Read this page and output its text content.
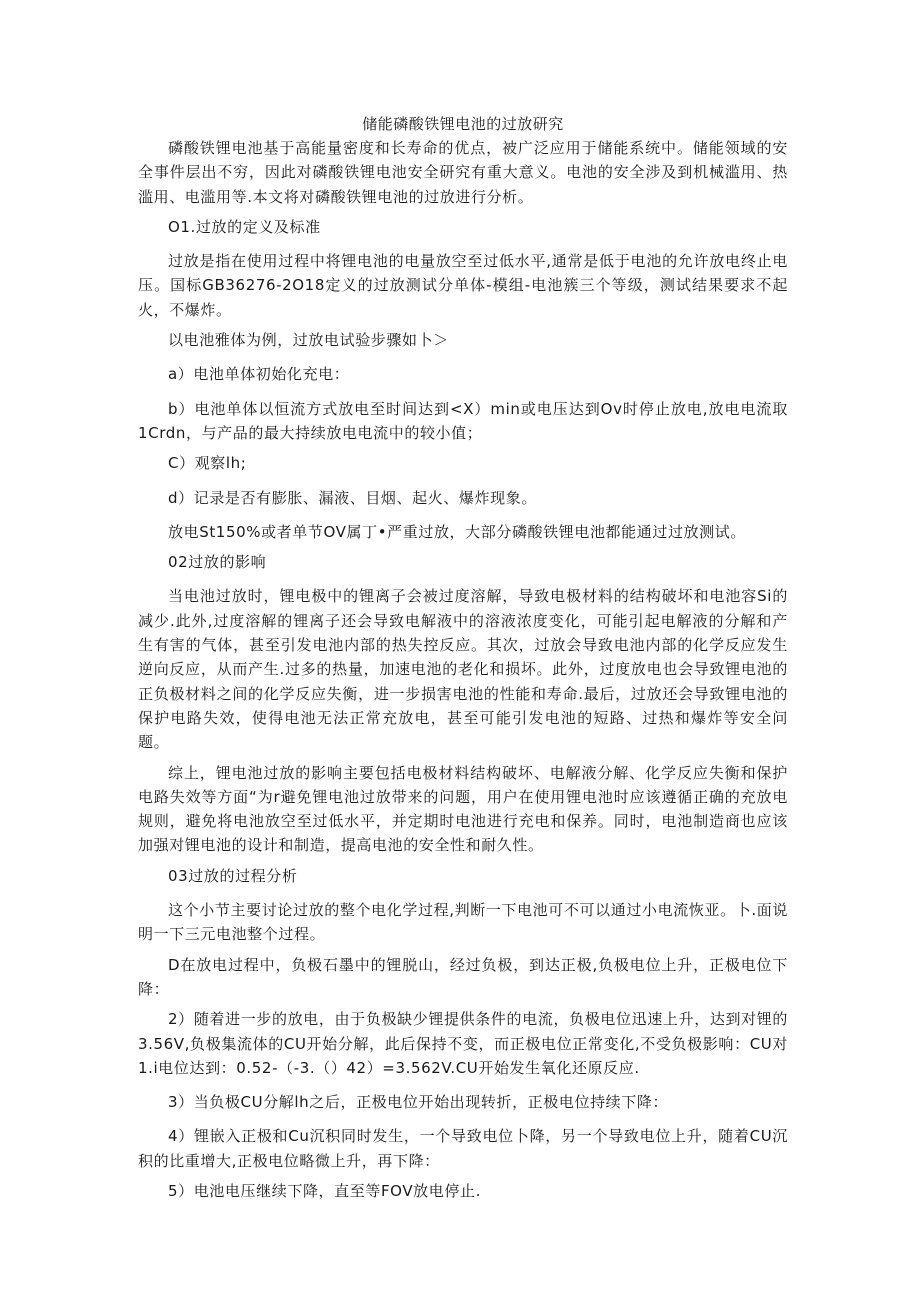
储能磷酸铁锂电池的过放研究

磷酸铁锂电池基于高能量密度和长寿命的优点，被广泛应用于储能系统中。储能领域的安全事件层出不穷，因此对磷酸铁锂电池安全研究有重大意义。电池的安全涉及到机械滥用、热滥用、电滥用等.本文将对磷酸铁锂电池的过放进行分析。

O1.过放的定义及标准

过放是指在使用过程中将锂电池的电量放空至过低水平,通常是低于电池的允许放电终止电压。国标GB36276-2O18定义的过放测试分单体-模组-电池簇三个等级，测试结果要求不起火，不爆炸。

以电池雅体为例，过放电试验步骤如卜＞

a）电池单体初始化充电：

b）电池单体以恒流方式放电至时间达到<X）min或电压达到Ov时停止放电,放电电流取1Crdn，与产品的最大持续放电电流中的较小值；

C）观察lh;

d）记录是否有膨胀、漏液、目烟、起火、爆炸现象。

放电St150%或者单节OV属丁•严重过放，大部分磷酸铁锂电池都能通过过放测试。

02过放的影响

当电池过放时，锂电极中的锂离子会被过度溶解，导致电极材料的结构破坏和电池容Si的减少.此外,过度溶解的锂离子还会导致电解液中的溶液浓度变化，可能引起电解液的分解和产生有害的气体，甚至引发电池内部的热失控反应。其次，过放会导致电池内部的化学反应发生逆向反应，从而产生.过多的热量，加速电池的老化和损坏。此外，过度放电也会导致锂电池的正负极材料之间的化学反应失衡，进一步损害电池的性能和寿命.最后，过放还会导致锂电池的保护电路失效，使得电池无法正常充放电，甚至可能引发电池的短路、过热和爆炸等安全问题。

综上，锂电池过放的影响主要包括电极材料结构破坏、电解液分解、化学反应失衡和保护电路失效等方面“为r避免锂电池过放带来的问题，用户在使用锂电池时应该遵循正确的充放电规则，避免将电池放空至过低水平，并定期时电池进行充电和保养。同时，电池制造商也应该加强对锂电池的设计和制造，提高电池的安全性和耐久性。

03过放的过程分析

这个小节主要讨论过放的整个电化学过程,判断一下电池可不可以通过小电流恢亚。卜.面说明一下三元电池整个过程。

D在放电过程中，负极石墨中的锂脱山，经过负极，到达正极,负极电位上升，正极电位下降：

2）随着进一步的放电，由于负极缺少锂提供条件的电流，负极电位迅速上升，达到对锂的3.56V,负极集流体的CU开始分解，此后保持不变，而正极电位正常变化,不受负极影响：CU对1.i电位达到：0.52-（-3.（）42）=3.562V.CU开始发生氧化还原反应.

3）当负极CU分解lh之后，正极电位开始出现转折，正极电位持续下降：

4）锂嵌入正极和Cu沉积同时发生，一个导致电位卜降，另一个导致电位上升，随着CU沉积的比重增大,正极电位略微上升，再下降：

5）电池电压继续下降，直至等FOV放电停止.
